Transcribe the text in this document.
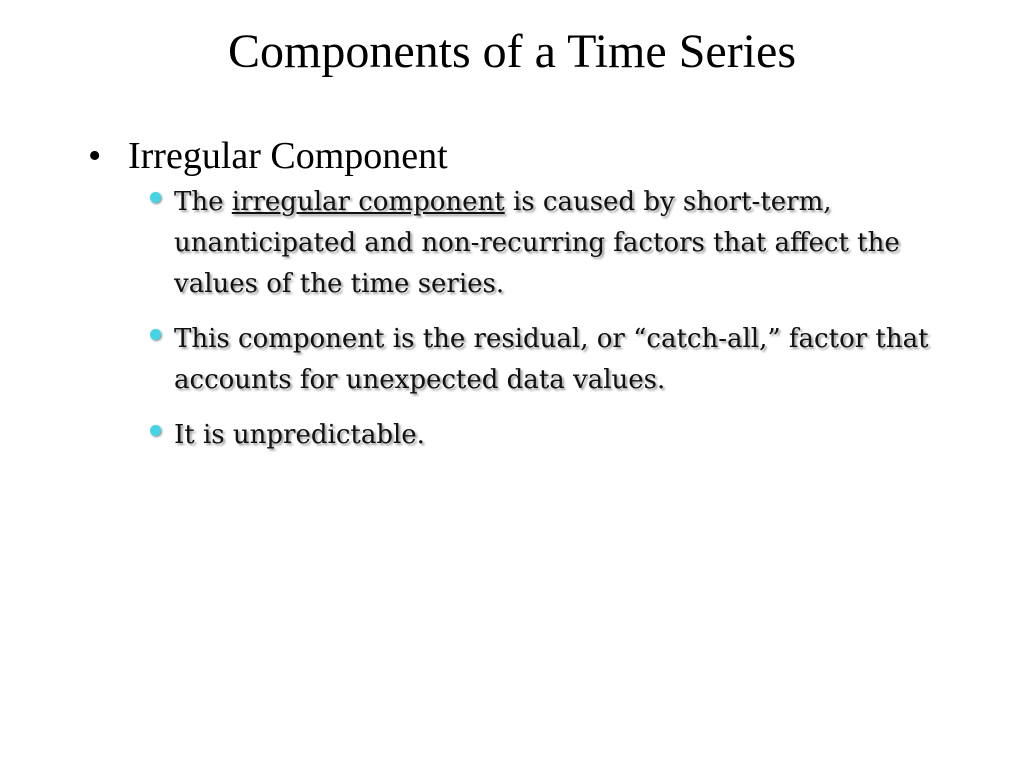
Components of a Time Series
• Irregular Component
The irregular component is caused by short-term, unanticipated and non-recurring factors that affect the values of the time series.
This component is the residual, or “catch-all,” factor that accounts for unexpected data values.
It is unpredictable.
